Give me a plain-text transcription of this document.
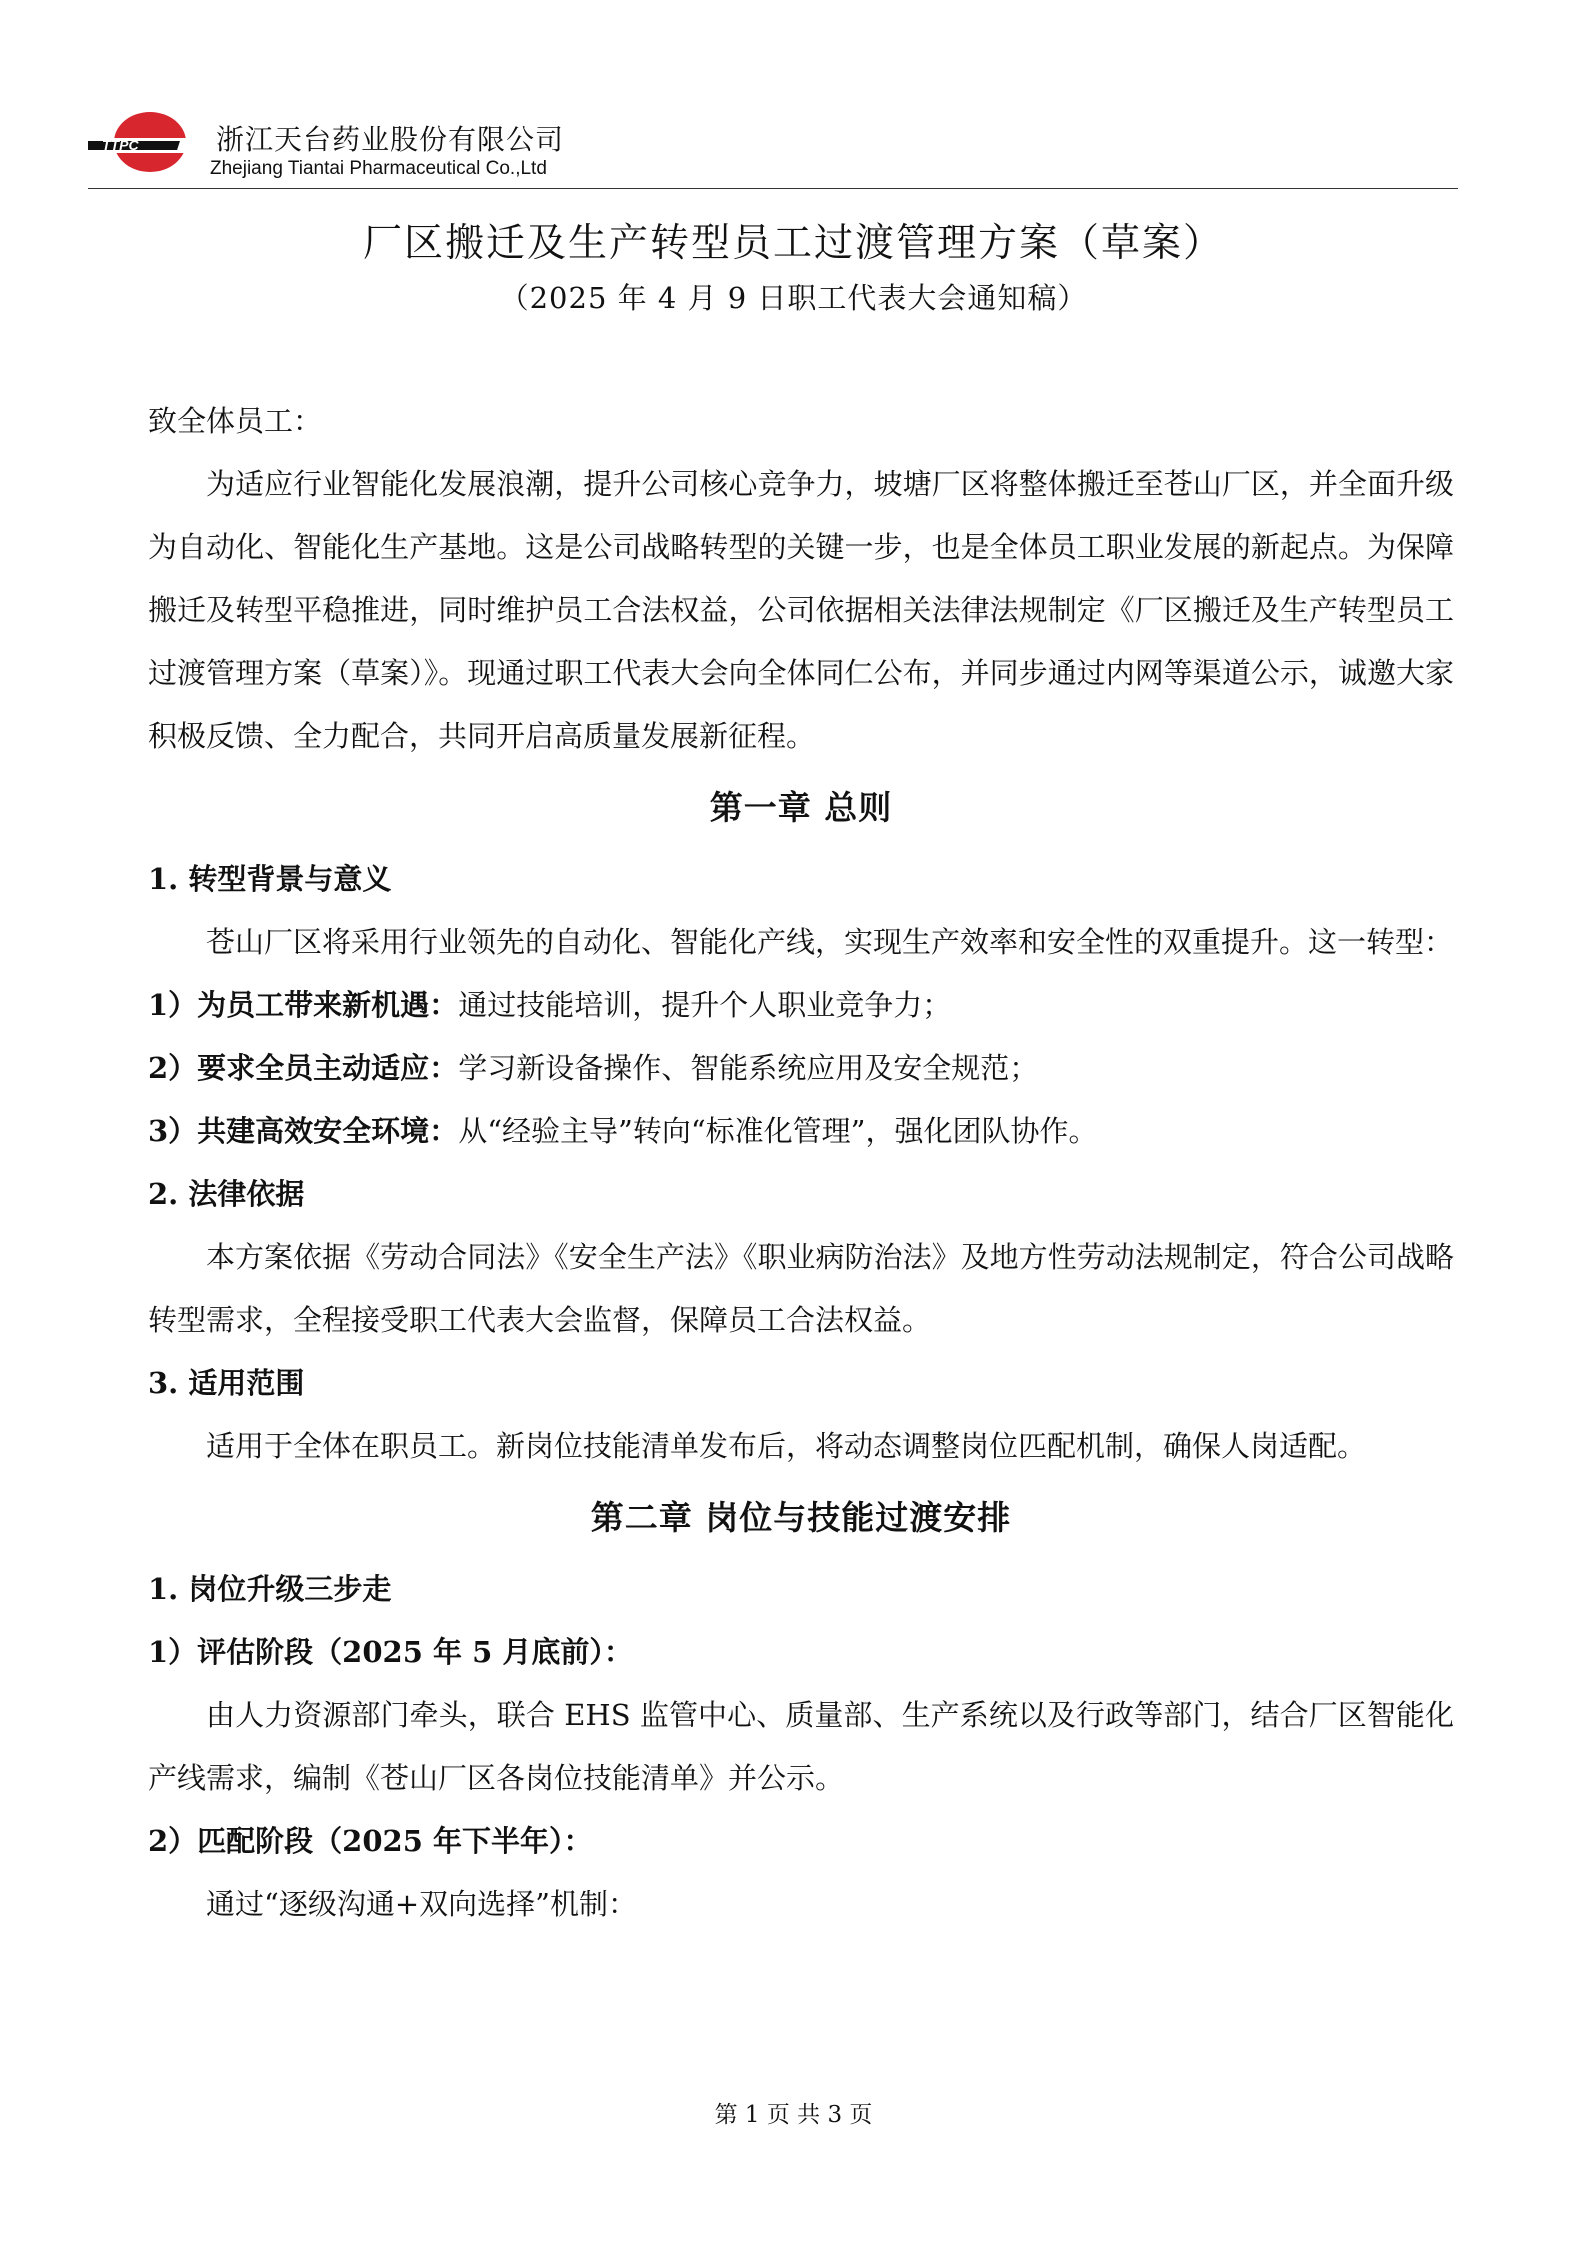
TTPC	浙江天台药业股份有限公司
Zhejiang Tiantai Pharmaceutical Co.,Ltd
厂区搬迁及生产转型员工过渡管理方案（草案）
（2025 年 4 月 9 日职工代表大会通知稿）

致全体员工：

为适应行业智能化发展浪潮，提升公司核心竞争力，坡塘厂区将整体搬迁至苍山厂区，并全面升级为自动化、智能化生产基地。这是公司战略转型的关键一步，也是全体员工职业发展的新起点。为保障搬迁及转型平稳推进，同时维护员工合法权益，公司依据相关法律法规制定《厂区搬迁及生产转型员工过渡管理方案（草案）》。现通过职工代表大会向全体同仁公布，并同步通过内网等渠道公示，诚邀大家积极反馈、全力配合，共同开启高质量发展新征程。

第一章 总则

1. 转型背景与意义

苍山厂区将采用行业领先的自动化、智能化产线，实现生产效率和安全性的双重提升。这一转型：

1）为员工带来新机遇：通过技能培训，提升个人职业竞争力；

2）要求全员主动适应：学习新设备操作、智能系统应用及安全规范；

3）共建高效安全环境：从“经验主导”转向“标准化管理”，强化团队协作。

2. 法律依据

本方案依据《劳动合同法》《安全生产法》《职业病防治法》及地方性劳动法规制定，符合公司战略转型需求，全程接受职工代表大会监督，保障员工合法权益。

3. 适用范围

适用于全体在职员工。新岗位技能清单发布后，将动态调整岗位匹配机制，确保人岗适配。

第二章 岗位与技能过渡安排

1. 岗位升级三步走

1）评估阶段（2025 年 5 月底前）：

由人力资源部门牵头，联合 EHS 监管中心、质量部、生产系统以及行政等部门，结合厂区智能化产线需求，编制《苍山厂区各岗位技能清单》并公示。

2）匹配阶段（2025 年下半年）：

通过“逐级沟通+双向选择”机制：

第 1 页 共 3 页
